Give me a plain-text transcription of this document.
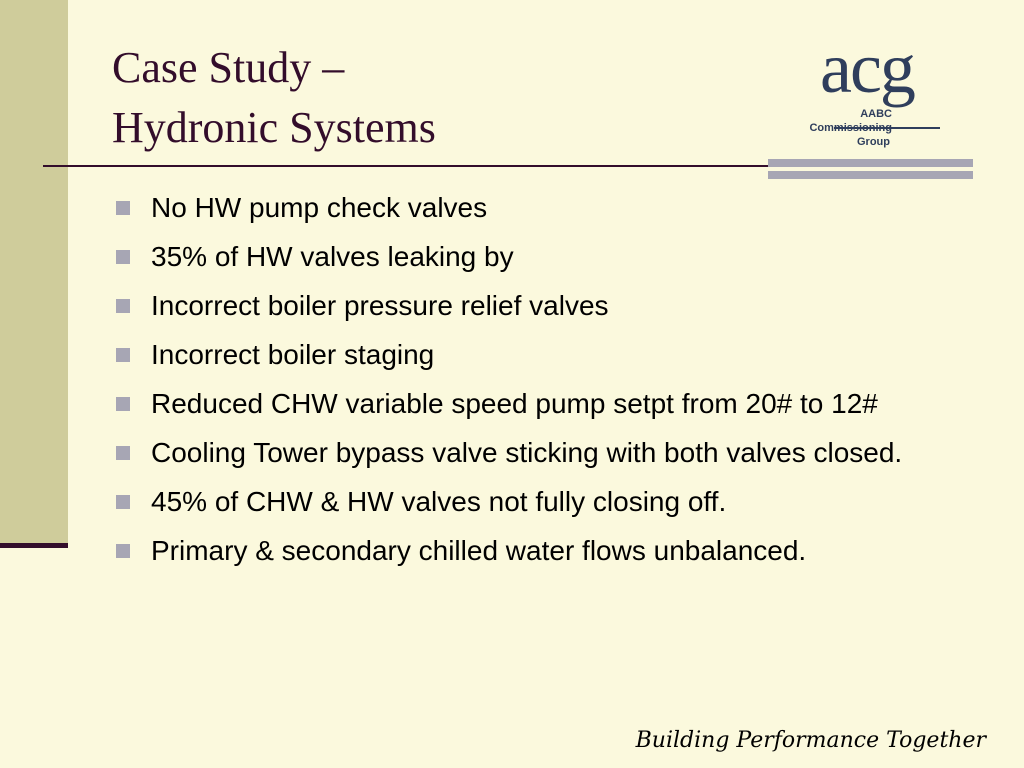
Case Study –
Hydronic Systems
acg
AABC
Commissioning
Group
No HW pump check valves
35% of HW valves leaking by
Incorrect boiler pressure relief valves
Incorrect boiler staging
Reduced CHW variable speed pump setpt from 20# to 12#
Cooling Tower bypass valve sticking with both valves closed.
45% of CHW & HW valves not fully closing off.
Primary & secondary chilled water flows unbalanced.
Building Performance Together
